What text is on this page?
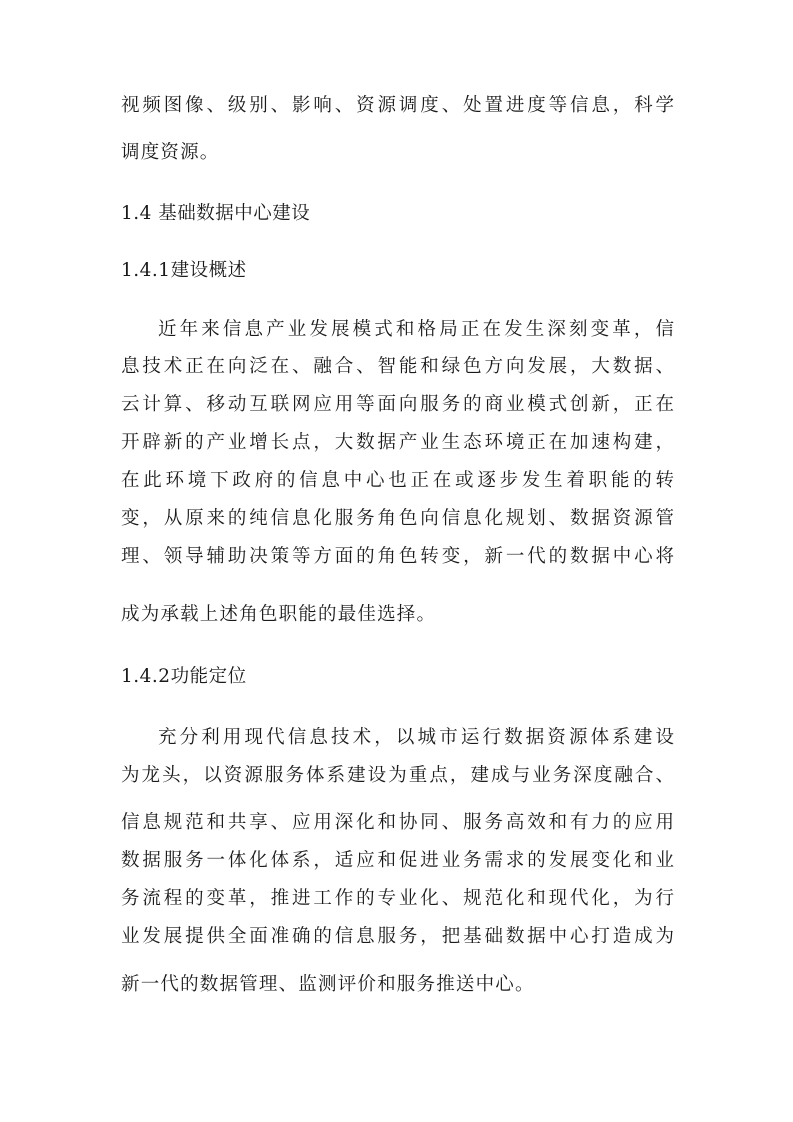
视频图像、级别、影响、资源调度、处置进度等信息，科学
调度资源。
1.4 基础数据中心建设
1.4.1建设概述
近年来信息产业发展模式和格局正在发生深刻变革，信
息技术正在向泛在、融合、智能和绿色方向发展，大数据、
云计算、移动互联网应用等面向服务的商业模式创新，正在
开辟新的产业增长点，大数据产业生态环境正在加速构建，
在此环境下政府的信息中心也正在或逐步发生着职能的转
变，从原来的纯信息化服务角色向信息化规划、数据资源管
理、领导辅助决策等方面的角色转变，新一代的数据中心将
成为承载上述角色职能的最佳选择。
1.4.2功能定位
充分利用现代信息技术，以城市运行数据资源体系建设
为龙头，以资源服务体系建设为重点，建成与业务深度融合、
信息规范和共享、应用深化和协同、服务高效和有力的应用
数据服务一体化体系，适应和促进业务需求的发展变化和业
务流程的变革，推进工作的专业化、规范化和现代化，为行
业发展提供全面准确的信息服务，把基础数据中心打造成为
新一代的数据管理、监测评价和服务推送中心。
